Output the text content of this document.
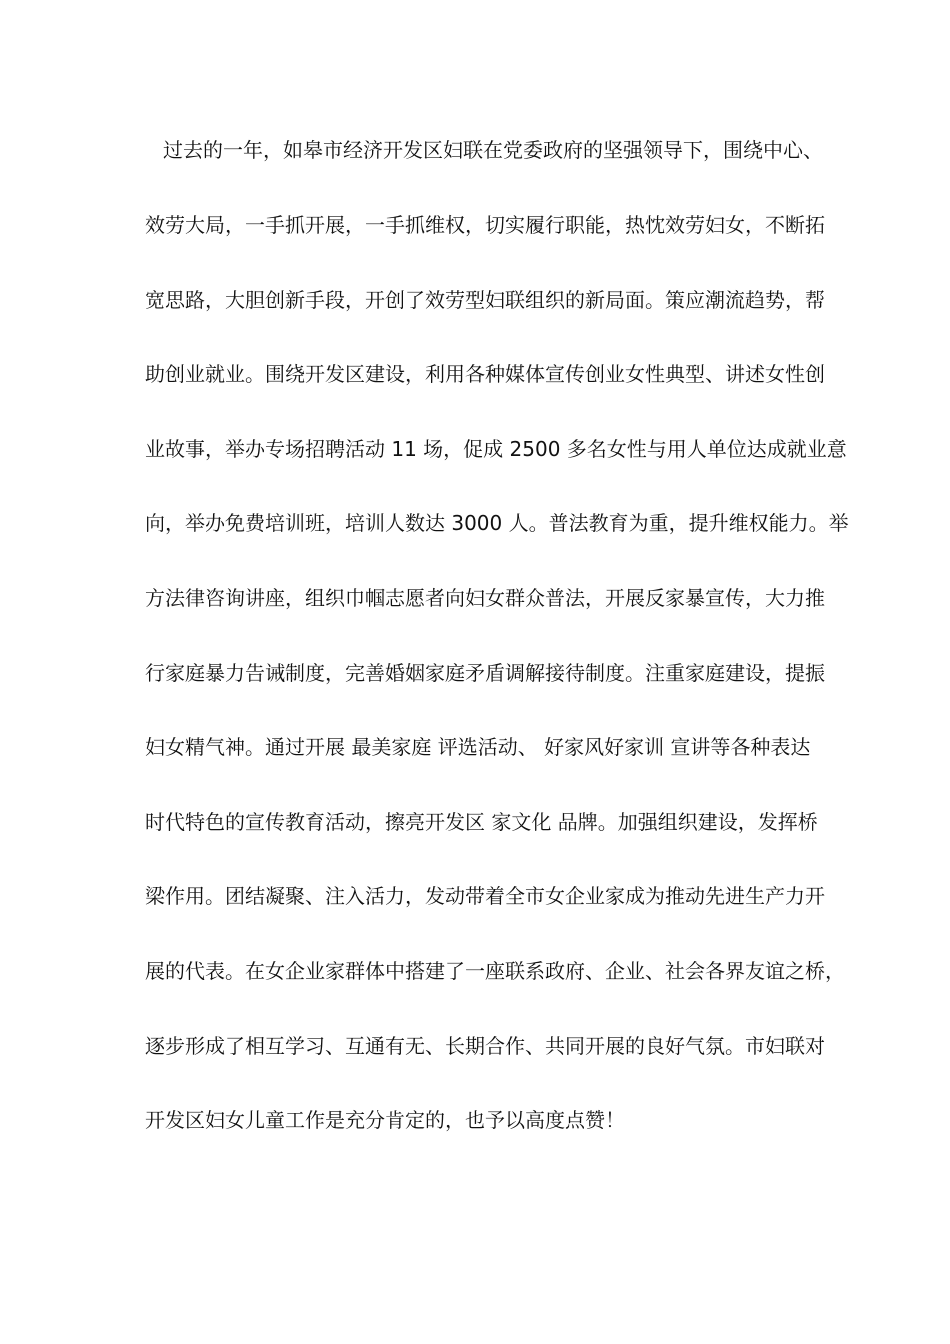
过去的一年，如皋市经济开发区妇联在党委政府的坚强领导下，围绕中心、
效劳大局，一手抓开展，一手抓维权，切实履行职能，热忱效劳妇女，不断拓
宽思路，大胆创新手段，开创了效劳型妇联组织的新局面。策应潮流趋势，帮
助创业就业。围绕开发区建设，利用各种媒体宣传创业女性典型、讲述女性创
业故事，举办专场招聘活动 11 场，促成 2500 多名女性与用人单位达成就业意
向，举办免费培训班，培训人数达 3000 人。普法教育为重，提升维权能力。举
方法律咨询讲座，组织巾帼志愿者向妇女群众普法，开展反家暴宣传，大力推
行家庭暴力告诫制度，完善婚姻家庭矛盾调解接待制度。注重家庭建设，提振
妇女精气神。通过开展 最美家庭 评选活动、 好家风好家训 宣讲等各种表达
时代特色的宣传教育活动，擦亮开发区 家文化 品牌。加强组织建设，发挥桥
梁作用。团结凝聚、注入活力，发动带着全市女企业家成为推动先进生产力开
展的代表。在女企业家群体中搭建了一座联系政府、企业、社会各界友谊之桥，
逐步形成了相互学习、互通有无、长期合作、共同开展的良好气氛。市妇联对
开发区妇女儿童工作是充分肯定的，也予以高度点赞！
